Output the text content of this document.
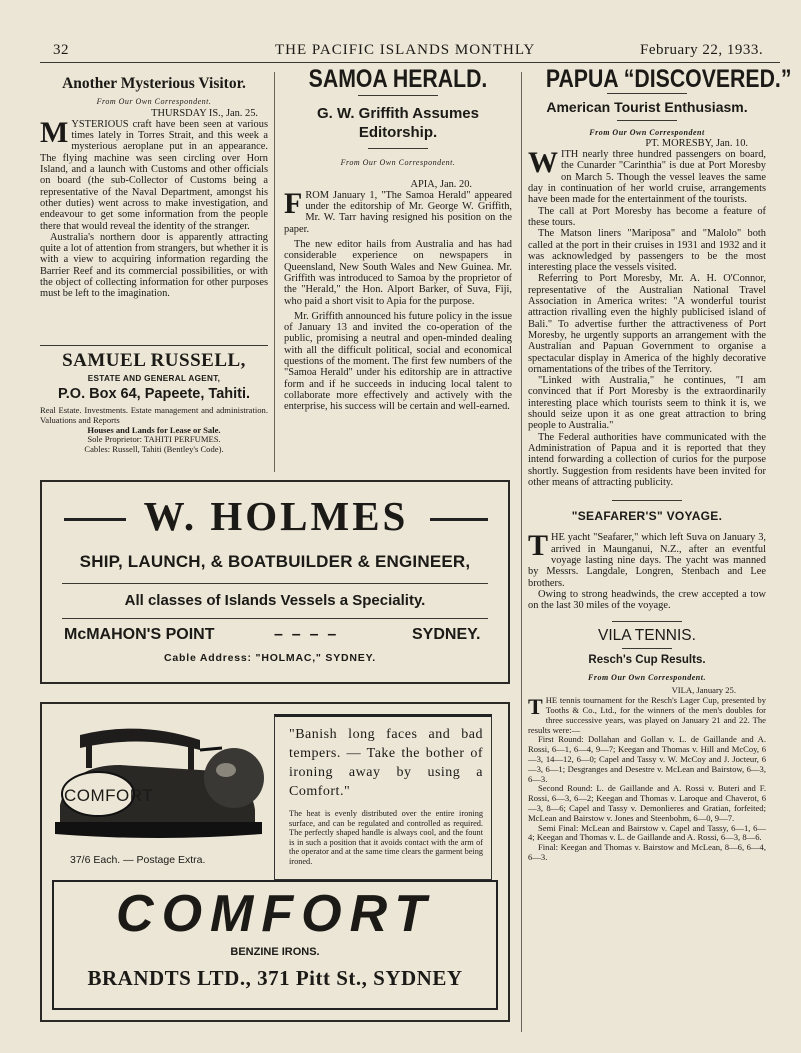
32	THE PACIFIC ISLANDS MONTHLY	February 22, 1933.
Another Mysterious Visitor.
From Our Own Correspondent.
THURSDAY IS., Jan. 25.
M YSTERIOUS craft have been seen at various times lately in Torres Strait, and this week a mysterious aeroplane put in an appearance. The flying machine was seen circling over Horn Island, and a launch with Customs and other officials on board (the sub-Collector of Customs being a representative of the Naval Department, amongst his other duties) went across to make investigation, and endeavour to get some information from the people there that would reveal the identity of the stranger.

Australia's northern door is apparently attracting quite a lot of attention from strangers, but whether it is with a view to acquiring information regarding the Barrier Reef and its commercial possibilities, or with the object of collecting information for other purposes must be left to the imagination.

SAMUEL RUSSELL,
ESTATE AND GENERAL AGENT,
P.O. Box 64, Papeete, Tahiti.
Real Estate. Investments. Estate management and administration. Valuations and Reports
Houses and Lands for Lease or Sale.
Sole Proprietor: TAHITI PERFUMES.
Cables: Russell, Tahiti (Bentley's Code).
SAMOA HERALD.
G. W. Griffith Assumes Editorship.
From Our Own Correspondent.
APIA, Jan. 20.
F ROM January 1, "The Samoa Herald" appeared under the editorship of Mr. George W. Griffith, Mr. W. Tarr having resigned his position on the paper.

The new editor hails from Australia and has had considerable experience on newspapers in Queensland, New South Wales and New Guinea. Mr. Griffith was introduced to Samoa by the proprietor of the "Herald," the Hon. Alport Barker, of Suva, Fiji, who paid a short visit to Apia for the purpose.

Mr. Griffith announced his future policy in the issue of January 13 and invited the co-operation of the public, promising a neutral and open-minded dealing with all the difficult political, social and economical questions of the moment. The first few numbers of the "Samoa Herald" under his editorship are in attractive form and if he succeeds in inducing local talent to collaborate more effectively and actively with the enterprise, his success will be certain and well-earned.

PAPUA “DISCOVERED.”
American Tourist Enthusiasm.
From Our Own Correspondent
PT. MORESBY, Jan. 10.
W ITH nearly three hundred passengers on board, the Cunarder "Carinthia" is due at Port Moresby on March 5. Though the vessel leaves the same day in continuation of her world cruise, arrangements have been made for the entertainment of the tourists.

The call at Port Moresby has become a feature of these tours.

The Matson liners "Mariposa" and "Malolo" both called at the port in their cruises in 1931 and 1932 and it was acknowledged by passengers to be the most interesting place the vessels visited.

Referring to Port Moresby, Mr. A. H. O'Connor, representative of the Australian National Travel Association in America writes: "A wonderful tourist attraction rivalling even the highly publicised island of Bali." To advertise further the attractiveness of Port Moresby, he urgently supports an arrangement with the Australian and Papuan Government to organise a spectacular display in America of the highly decorative ornamentations of the tribes of the Territory.

"Linked with Australia," he continues, "I am convinced that if Port Moresby is the extraordinarily interesting place which tourists seem to think it is, we should seize upon it as one great attraction to bring people to Australia."

The Federal authorities have communicated with the Administration of Papua and it is reported that they intend forwarding a collection of curios for the purpose shortly. Suggestion from residents have been invited for other means of attracting publicity.

"SEAFARER'S" VOYAGE.
T HE yacht "Seafarer," which left Suva on January 3, arrived in Maunganui, N.Z., after an eventful voyage lasting nine days. The yacht was manned by Messrs. Langdale, Longren, Stenbach and Lee brothers.

Owing to strong headwinds, the crew accepted a tow on the last 30 miles of the voyage.

VILA TENNIS.
Resch's Cup Results.
From Our Own Correspondent.
VILA, January 25.
T HE tennis tournament for the Resch's Lager Cup, presented by Tooths & Co., Ltd., for the winners of the men's doubles for three successive years, was played on January 21 and 22. The results were:—

First Round: Dollahan and Gollan v. L. de Gaillande and A. Rossi, 6—1, 6—4, 9—7; Keegan and Thomas v. Hill and McCoy, 6—3, 14—12, 6—0; Capel and Tassy v. W. McCoy and J. Jocteur, 6—3, 6—1; Desgranges and Desestre v. McLean and Bairstow, 6—3, 6—3.

Second Round: L. de Gaillande and A. Rossi v. Buteri and F. Rossi, 6—3, 6—2; Keegan and Thomas v. Laroque and Chaverot, 6—3, 8—6; Capel and Tassy v. Demonlieres and Gratian, forfeited; McLean and Bairstow v. Jones and Steenbohm, 6—0, 9—7.

Semi Final: McLean and Bairstow v. Capel and Tassy, 6—1, 6—4; Keegan and Thomas v. L. de Gaillande and A. Rossi, 6—3, 8—6.

Final: Keegan and Thomas v. Bairstow and McLean, 8—6, 6—4, 6—3.

W. HOLMES
SHIP, LAUNCH, & BOATBUILDER & ENGINEER,
All classes of Islands Vessels a Speciality.
McMAHON'S POINT	–  –  –  –	SYDNEY.
Cable Address: "HOLMAC," SYDNEY.
COMFORT
37/6 Each. — Postage Extra.
"Banish long faces and bad tempers. — Take the bother of ironing away by using a Comfort."
The heat is evenly distributed over the entire ironing surface, and can be regulated and controlled as required. The perfectly shaped handle is always cool, and the fount is in such a position that it avoids contact with the arm of the operator and at the same time clears the garment being ironed.
COMFORT
BENZINE IRONS.
BRANDTS LTD., 371 Pitt St., SYDNEY
